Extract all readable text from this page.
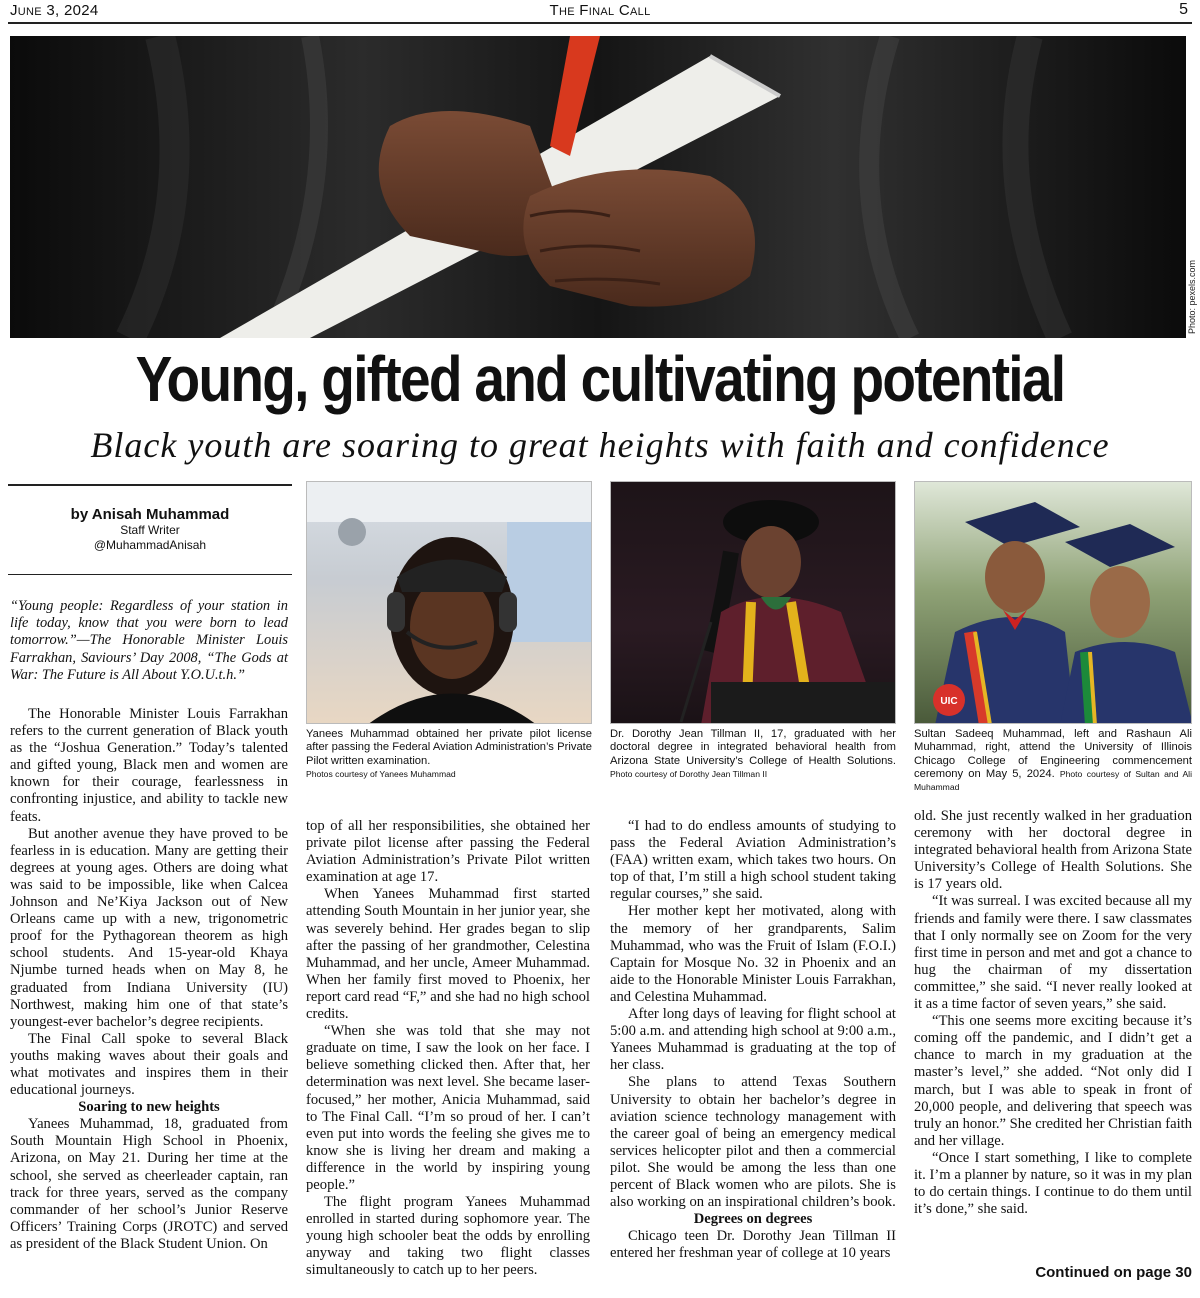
June 3, 2024	The Final Call	5
Photo: pexels.com
Young, gifted and cultivating potential
Black youth are soaring to great heights with faith and confidence
by Anisah Muhammad
Staff Writer
@MuhammadAnisah
“Young people: Regardless of your station in life today, know that you were born to lead tomorrow.”—The Honorable Minister Louis Farrakhan, Saviours’ Day 2008, “The Gods at War: The Future is All About Y.O.U.t.h.”

The Honorable Minister Louis Farrakhan refers to the current generation of Black youth as the “Joshua Generation.” Today’s talented and gifted young, Black men and women are known for their courage, fearlessness in confronting injustice, and ability to tackle new feats.

But another avenue they have proved to be fearless in is education. Many are getting their degrees at young ages. Others are doing what was said to be impossible, like when Calcea Johnson and Ne’Kiya Jackson out of New Orleans came up with a new, trigonometric proof for the Pythagorean theorem as high school students. And 15-year-old Khaya Njumbe turned heads when on May 8, he graduated from Indiana University (IU) Northwest, making him one of that state’s youngest-ever bachelor’s degree recipients.

The Final Call spoke to several Black youths making waves about their goals and what motivates and inspires them in their educational journeys.

Soaring to new heights

Yanees Muhammad, 18, graduated from South Mountain High School in Phoenix, Arizona, on May 21. During her time at the school, she served as cheerleader captain, ran track for three years, served as the company commander of her school’s Junior Reserve Officers’ Training Corps (JROTC) and served as president of the Black Student Union. On

Yanees Muhammad obtained her private pilot license after passing the Federal Aviation Administration’s Private Pilot written examination.
Photos courtesy of Yanees Muhammad

top of all her responsibilities, she obtained her private pilot license after passing the Federal Aviation Administration’s Private Pilot written examination at age 17.

When Yanees Muhammad first started attending South Mountain in her junior year, she was severely behind. Her grades began to slip after the passing of her grandmother, Celestina Muhammad, and her uncle, Ameer Muhammad. When her family first moved to Phoenix, her report card read “F,” and she had no high school credits.

“When she was told that she may not graduate on time, I saw the look on her face. I believe something clicked then. After that, her determination was next level. She became laser-focused,” her mother, Anicia Muhammad, said to The Final Call. “I’m so proud of her. I can’t even put into words the feeling she gives me to know she is living her dream and making a difference in the world by inspiring young people.”

The flight program Yanees Muhammad enrolled in started during sophomore year. The young high schooler beat the odds by enrolling anyway and taking two flight classes simultaneously to catch up to her peers.

Dr. Dorothy Jean Tillman II, 17, graduated with her doctoral degree in integrated behavioral health from Arizona State University’s College of Health Solutions. Photo courtesy of Dorothy Jean Tillman II

“I had to do endless amounts of studying to pass the Federal Aviation Administration’s (FAA) written exam, which takes two hours. On top of that, I’m still a high school student taking regular courses,” she said.

Her mother kept her motivated, along with the memory of her grandparents, Salim Muhammad, who was the Fruit of Islam (F.O.I.) Captain for Mosque No. 32 in Phoenix and an aide to the Honorable Minister Louis Farrakhan, and Celestina Muhammad.

After long days of leaving for flight school at 5:00 a.m. and attending high school at 9:00 a.m., Yanees Muhammad is graduating at the top of her class.

She plans to attend Texas Southern University to obtain her bachelor’s degree in aviation science technology management with the career goal of being an emergency medical services helicopter pilot and then a commercial pilot. She would be among the less than one percent of Black women who are pilots. She is also working on an inspirational children’s book.

Degrees on degrees

Chicago teen Dr. Dorothy Jean Tillman II entered her freshman year of college at 10 years

UIC
Sultan Sadeeq Muhammad, left and Rashaun Ali Muhammad, right, attend the University of Illinois Chicago College of Engineering commencement ceremony on May 5, 2024. Photo courtesy of Sultan and Ali Muhammad

old. She just recently walked in her graduation ceremony with her doctoral degree in integrated behavioral health from Arizona State University’s College of Health Solutions. She is 17 years old.

“It was surreal. I was excited because all my friends and family were there. I saw classmates that I only normally see on Zoom for the very first time in person and met and got a chance to hug the chairman of my dissertation committee,” she said. “I never really looked at it as a time factor of seven years,” she said.

“This one seems more exciting because it’s coming off the pandemic, and I didn’t get a chance to march in my graduation at the master’s level,” she added. “Not only did I march, but I was able to speak in front of 20,000 people, and delivering that speech was truly an honor.” She credited her Christian faith and her village.

“Once I start something, I like to complete it. I’m a planner by nature, so it was in my plan to do certain things. I continue to do them until it’s done,” she said.

Continued on page 30
